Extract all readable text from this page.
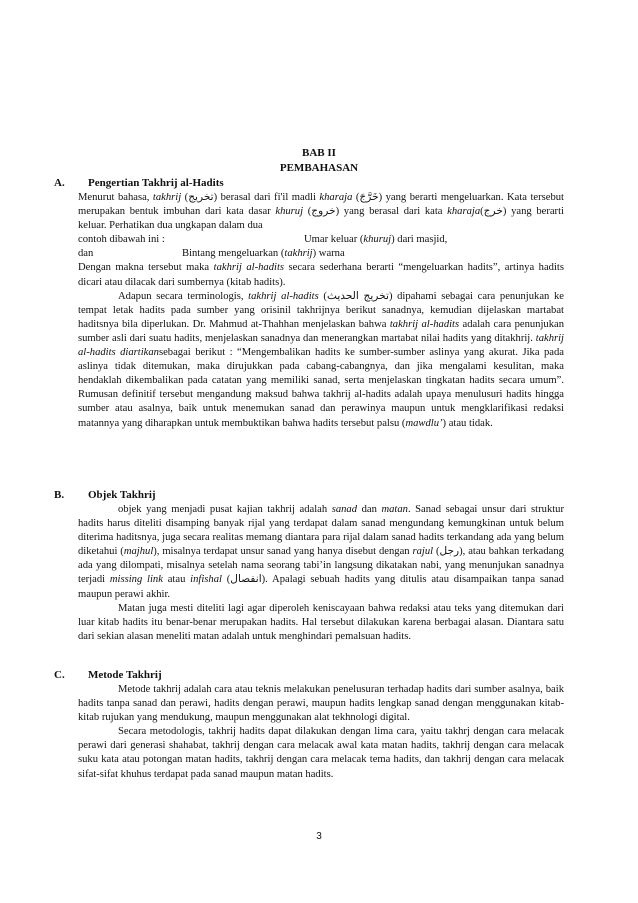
BAB II
PEMBAHASAN
A. Pengertian Takhrij al-Hadits

Menurut bahasa, takhrij (تخريج) berasal dari fi'il madli kharaja (خَرَّجَ) yang berarti mengeluarkan. Kata tersebut merupakan bentuk imbuhan dari kata dasar khuruj (خروج) yang berasal dari kata kharaja(خرج) yang berarti keluar. Perhatikan dua ungkapan dalam dua

contoh dibawah ini :	Umar keluar (khuruj) dari masjid,
dan	Bintang mengeluarkan (takhrij) warna

Dengan makna tersebut maka takhrij al-hadits secara sederhana berarti “mengeluarkan hadits”, artinya hadits dicari atau dilacak dari sumbernya (kitab hadits).

Adapun secara terminologis, takhrij al-hadits (تخريج الحديث) dipahami sebagai cara penunjukan ke tempat letak hadits pada sumber yang orisinil takhrijnya berikut sanadnya, kemudian dijelaskan martabat haditsnya bila diperlukan. Dr. Mahmud at-Thahhan menjelaskan bahwa takhrij al-hadits adalah cara penunjukan sumber asli dari suatu hadits, menjelaskan sanadnya dan menerangkan martabat nilai hadits yang ditakhrij. takhrij al-hadits diartikansebagai berikut : “Mengembalikan hadits ke sumber-sumber aslinya yang akurat. Jika pada aslinya tidak ditemukan, maka dirujukkan pada cabang-cabangnya, dan jika mengalami kesulitan, maka hendaklah dikembalikan pada catatan yang memiliki sanad, serta menjelaskan tingkatan hadits secara umum”. Rumusan definitif tersebut mengandung maksud bahwa takhrij al-hadits adalah upaya menulusuri hadits hingga sumber atau asalnya, baik untuk menemukan sanad dan perawinya maupun untuk mengklarifikasi redaksi matannya yang diharapkan untuk membuktikan bahwa hadits tersebut palsu (mawdlu’) atau tidak.

B. Objek Takhrij

objek yang menjadi pusat kajian takhrij adalah sanad dan matan. Sanad sebagai unsur dari struktur hadits harus diteliti disamping banyak rijal yang terdapat dalam sanad mengundang kemungkinan untuk belum diterima haditsnya, juga secara realitas memang diantara para rijal dalam sanad hadits terkandang ada yang belum diketahui (majhul), misalnya terdapat unsur sanad yang hanya disebut dengan rajul (رجل), atau bahkan terkadang ada yang dilompati, misalnya setelah nama seorang tabi’in langsung dikatakan nabi, yang menunjukan sanadnya terjadi missing link atau infishal (انفصال). Apalagi sebuah hadits yang ditulis atau disampaikan tanpa sanad maupun perawi akhir.

Matan juga mesti diteliti lagi agar diperoleh keniscayaan bahwa redaksi atau teks yang ditemukan dari luar kitab hadits itu benar-benar merupakan hadits. Hal tersebut dilakukan karena berbagai alasan. Diantara satu dari sekian alasan meneliti matan adalah untuk menghindari pemalsuan hadits.

C. Metode Takhrij

Metode takhrij adalah cara atau teknis melakukan penelusuran terhadap hadits dari sumber asalnya, baik hadits tanpa sanad dan perawi, hadits dengan perawi, maupun hadits lengkap sanad dengan menggunakan kitab-kitab rujukan yang mendukung, maupun menggunakan alat tekhnologi digital.

Secara metodologis, takhrij hadits dapat dilakukan dengan lima cara, yaitu takhrj dengan cara melacak perawi dari generasi shahabat, takhrij dengan cara melacak awal kata matan hadits, takhrij dengan cara melacak suku kata atau potongan matan hadits, takhrij dengan cara melacak tema hadits, dan takhrij dengan cara melacak sifat-sifat khuhus terdapat pada sanad maupun matan hadits.

3
